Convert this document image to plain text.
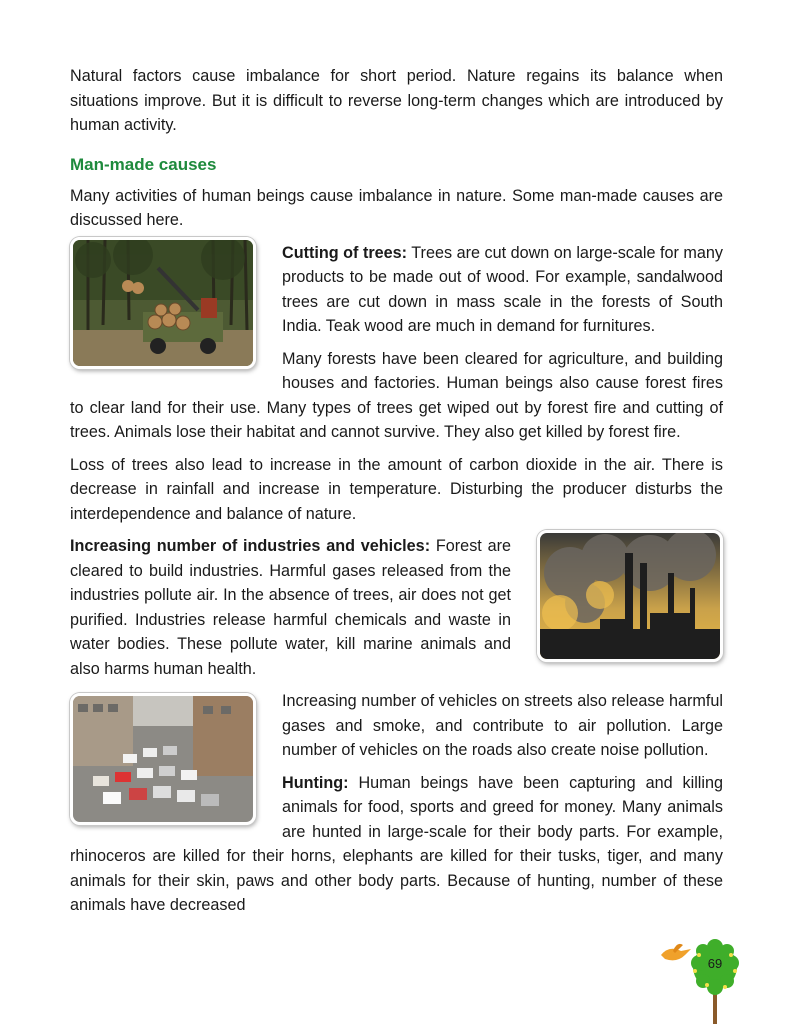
Natural factors cause imbalance for short period. Nature regains its balance when situations improve. But it is difficult to reverse long-term changes which are introduced by human activity.

Man-made causes

Many activities of human beings cause imbalance in nature. Some man-made causes are discussed here.

Cutting of trees: Trees are cut down on large-scale for many products to be made out of wood. For example, sandalwood trees are cut down in mass scale in the forests of South India. Teak wood are much in demand for furnitures.

Many forests have been cleared for agriculture, and building houses and factories. Human beings also cause forest fires to clear land for their use. Many types of trees get wiped out by forest fire and cutting of trees. Animals lose their habitat and cannot survive. They also get killed by forest fire.

Loss of trees also lead to increase in the amount of carbon dioxide in the air. There is decrease in rainfall and increase in temperature. Disturbing the producer disturbs the interdependence and balance of nature.

Increasing number of industries and vehicles: Forest are cleared to build industries. Harmful gases released from the industries pollute air. In the absence of trees, air does not get purified. Industries release harmful chemicals and waste in water bodies. These pollute water, kill marine animals and also harms human health.

Increasing number of vehicles on streets also release harmful gases and smoke, and contribute to air pollution. Large number of vehicles on the roads also create noise pollution.

Hunting: Human beings have been capturing and killing animals for food, sports and greed for money. Many animals are hunted in large-scale for their body parts. For example, rhinoceros are killed for their horns, elephants are killed for their tusks, tiger, and many animals for their skin, paws and other body parts. Because of hunting, number of these animals have decreased

69
